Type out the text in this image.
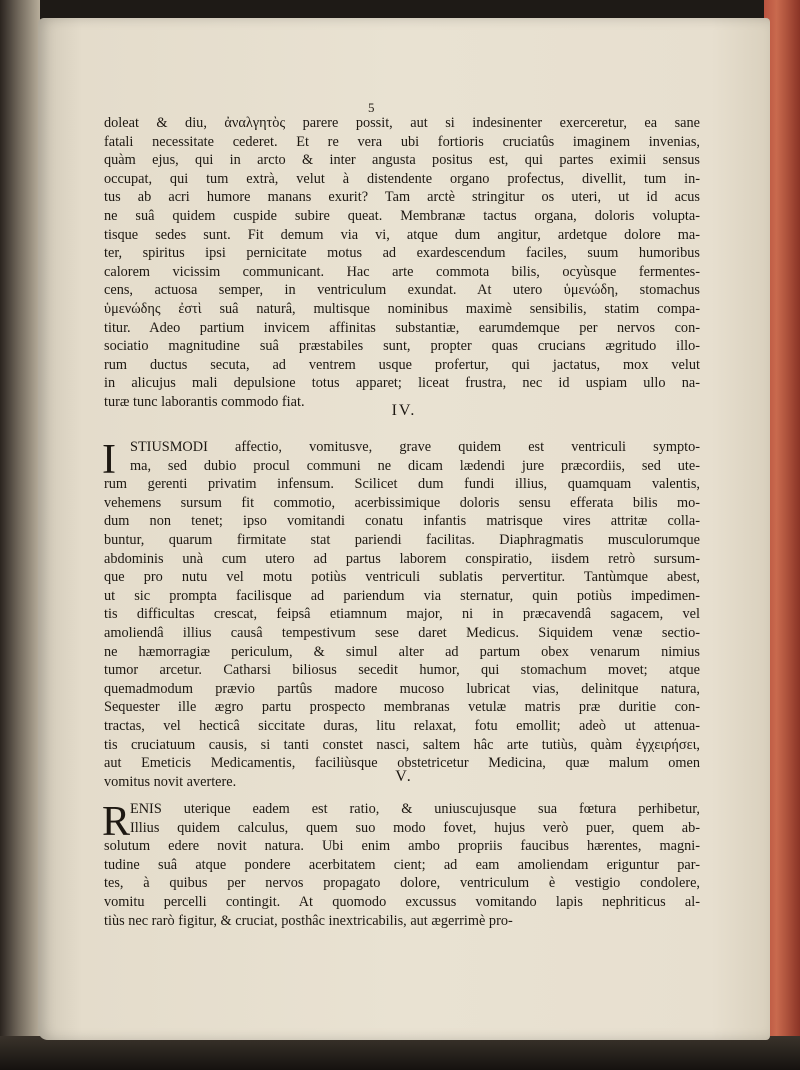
5
doleat & diu, ἀναλγητὸς parere possit, aut si indesinenter exerceretur, ea sane
fatali necessitate cederet. Et re vera ubi fortioris cruciatûs imaginem invenias,
quàm ejus, qui in arcto & inter angusta positus est, qui partes eximii sensus
occupat, qui tum extrà, velut à distendente organo profectus, divellit, tum in-
tus ab acri humore manans exurit? Tam arctè stringitur os uteri, ut id acus
ne suâ quidem cuspide subire queat. Membranæ tactus organa, doloris volupta-
tisque sedes sunt. Fit demum via vi, atque dum angitur, ardetque dolore ma-
ter, spiritus ipsi pernicitate motus ad exardescendum faciles, suum humoribus
calorem vicissim communicant. Hac arte commota bilis, ocyùsque fermentes-
cens, actuosa semper, in ventriculum exundat. At utero ὑμενώδη, stomachus
ὑμενώδης ἐστὶ suâ naturâ, multisque nominibus maximè sensibilis, statim compa-
titur. Adeo partium invicem affinitas substantiæ, earumdemque per nervos con-
sociatio magnitudine suâ præstabiles sunt, propter quas crucians ægritudo illo-
rum ductus secuta, ad ventrem usque profertur, qui jactatus, mox velut
in alicujus mali depulsione totus apparet; liceat frustra, nec id uspiam ullo na-
turæ tunc laborantis commodo fiat.
IV.
I STIUSMODI affectio, vomitusve, grave quidem est ventriculi sympto-
ma, sed dubio procul communi ne dicam lædendi jure præcordiis, sed ute-
rum gerenti privatim infensum. Scilicet dum fundi illius, quamquam valentis,
vehemens sursum fit commotio, acerbissimique doloris sensu efferata bilis mo-
dum non tenet; ipso vomitandi conatu infantis matrisque vires attritæ colla-
buntur, quarum firmitate stat pariendi facilitas. Diaphragmatis musculorumque
abdominis unà cum utero ad partus laborem conspiratio, iisdem retrò sursum-
que pro nutu vel motu potiùs ventriculi sublatis pervertitur. Tantùmque abest,
ut sic prompta facilisque ad pariendum via sternatur, quin potiùs impedimen-
tis difficultas crescat, feipsâ etiamnum major, ni in præcavendâ sagacem, vel
amoliendâ illius causâ tempestivum sese daret Medicus. Siquidem venæ sectio-
ne hæmorragiæ periculum, & simul alter ad partum obex venarum nimius
tumor arcetur. Catharsi biliosus secedit humor, qui stomachum movet; atque
quemadmodum prævio partûs madore mucoso lubricat vias, delinitque natura,
Sequester ille ægro partu prospecto membranas vetulæ matris præ duritie con-
tractas, vel hecticâ siccitate duras, litu relaxat, fotu emollit; adeò ut attenua-
tis cruciatuum causis, si tanti constet nasci, saltem hâc arte tutiùs, quàm ἐγχειρήσει,
aut Emeticis Medicamentis, faciliùsque obstetricetur Medicina, quæ malum omen
vomitus novit avertere.	V.
R ENIS uterique eadem est ratio, & uniuscujusque sua fœtura perhibetur,
Illius quidem calculus, quem suo modo fovet, hujus verò puer, quem ab-
solutum edere novit natura. Ubi enim ambo propriis faucibus hærentes, magni-
tudine suâ atque pondere acerbitatem cient; ad eam amoliendam eriguntur par-
tes, à quibus per nervos propagato dolore, ventriculum è vestigio condolere,
vomitu percelli contingit. At quomodo excussus vomitando lapis nephriticus al-
tiùs nec rarò figitur, & cruciat, posthâc inextricabilis, aut ægerrimè pro-
